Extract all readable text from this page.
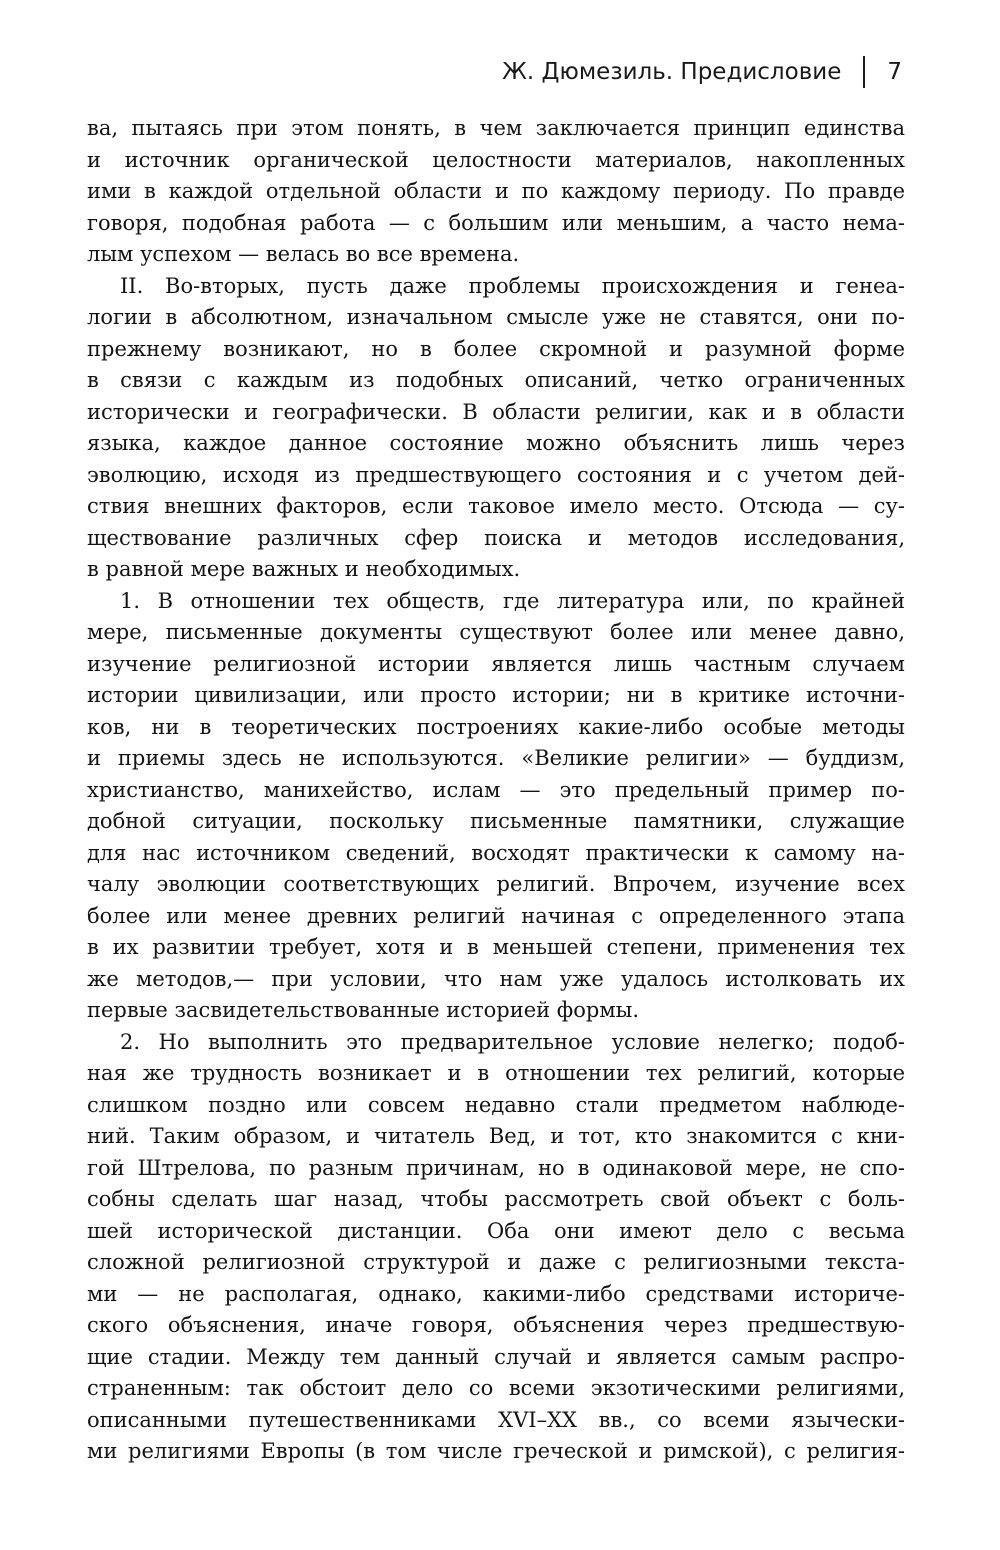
Ж. Дюмезиль. Предисловие 7
ва, пытаясь при этом понять, в чем заключается принцип единства
и источник органической целостности материалов, накопленных
ими в каждой отдельной области и по каждому периоду. По правде
говоря, подобная работа — с большим или меньшим, а часто нема-
лым успехом — велась во все времена.
II. Во-вторых, пусть даже проблемы происхождения и генеа-
логии в абсолютном, изначальном смысле уже не ставятся, они по-
прежнему возникают, но в более скромной и разумной форме
в связи с каждым из подобных описаний, четко ограниченных
исторически и географически. В области религии, как и в области
языка, каждое данное состояние можно объяснить лишь через
эволюцию, исходя из предшествующего состояния и с учетом дей-
ствия внешних факторов, если таковое имело место. Отсюда — су-
ществование различных сфер поиска и методов исследования,
в равной мере важных и необходимых.
1. В отношении тех обществ, где литература или, по крайней
мере, письменные документы существуют более или менее давно,
изучение религиозной истории является лишь частным случаем
истории цивилизации, или просто истории; ни в критике источни-
ков, ни в теоретических построениях какие-либо особые методы
и приемы здесь не используются. «Великие религии» — буддизм,
христианство, манихейство, ислам — это предельный пример по-
добной ситуации, поскольку письменные памятники, служащие
для нас источником сведений, восходят практически к самому на-
чалу эволюции соответствующих религий. Впрочем, изучение всех
более или менее древних религий начиная с определенного этапа
в их развитии требует, хотя и в меньшей степени, применения тех
же методов,— при условии, что нам уже удалось истолковать их
первые засвидетельствованные историей формы.
2. Но выполнить это предварительное условие нелегко; подоб-
ная же трудность возникает и в отношении тех религий, которые
слишком поздно или совсем недавно стали предметом наблюде-
ний. Таким образом, и читатель Вед, и тот, кто знакомится с кни-
гой Штрелова, по разным причинам, но в одинаковой мере, не спо-
собны сделать шаг назад, чтобы рассмотреть свой объект с боль-
шей исторической дистанции. Оба они имеют дело с весьма
сложной религиозной структурой и даже с религиозными текста-
ми — не располагая, однако, какими-либо средствами историче-
ского объяснения, иначе говоря, объяснения через предшествую-
щие стадии. Между тем данный случай и является самым распро-
страненным: так обстоит дело со всеми экзотическими религиями,
описанными путешественниками XVI–XX вв., со всеми язычески-
ми религиями Европы (в том числе греческой и римской), с религия-
